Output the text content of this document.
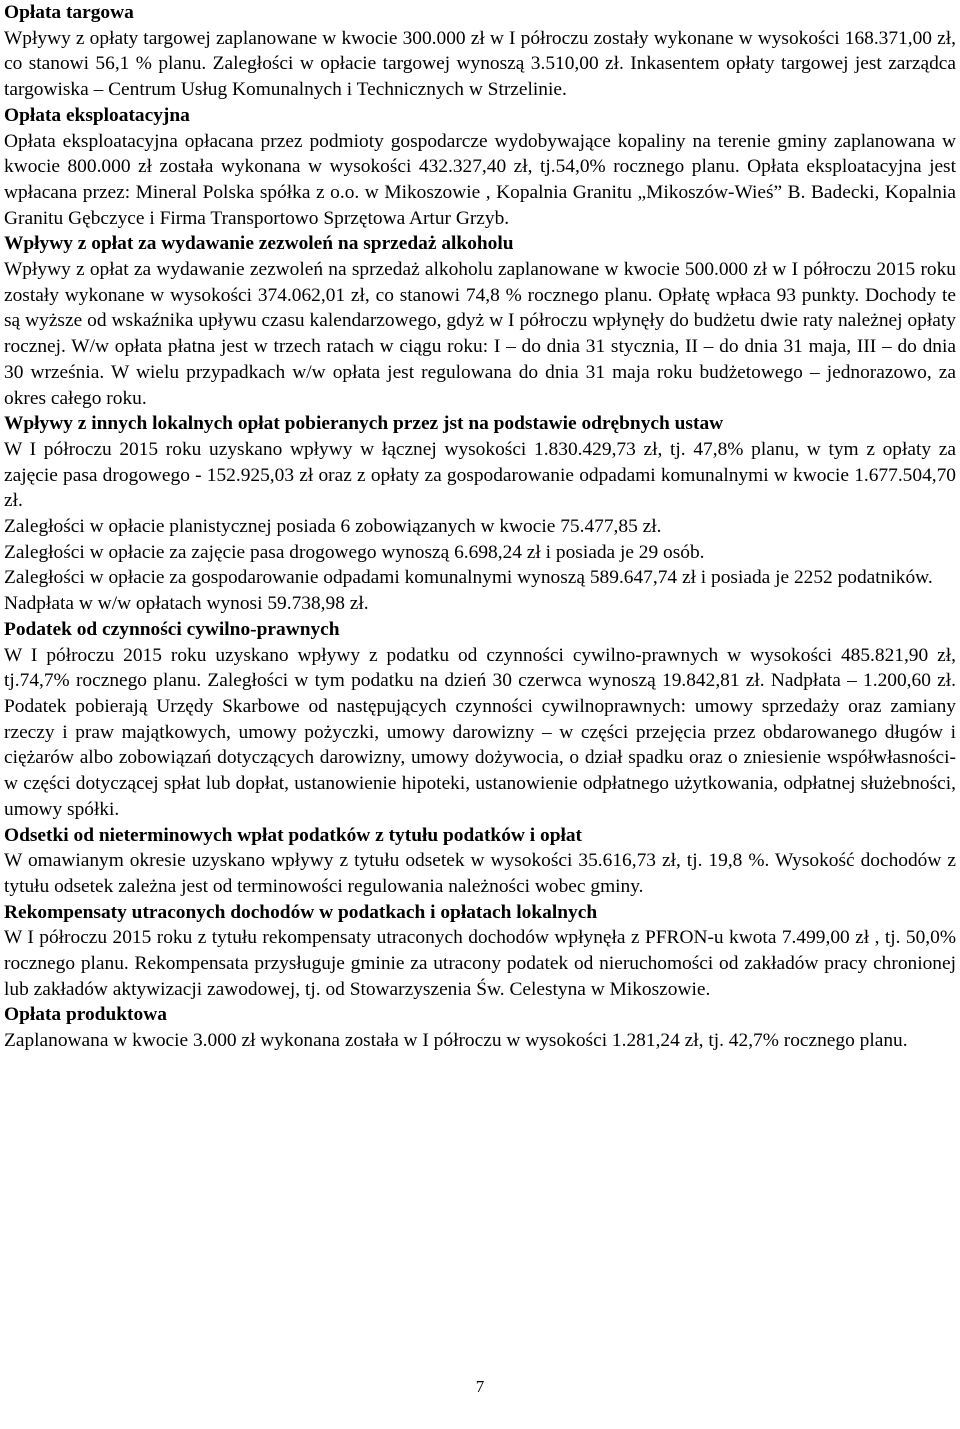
Opłata targowa

Wpływy z opłaty targowej zaplanowane w kwocie 300.000 zł w I półroczu zostały wykonane w wysokości 168.371,00 zł, co stanowi 56,1 % planu. Zaległości w opłacie targowej wynoszą 3.510,00 zł. Inkasentem opłaty targowej jest zarządca targowiska – Centrum Usług Komunalnych i Technicznych w Strzelinie.

Opłata eksploatacyjna

Opłata eksploatacyjna opłacana przez podmioty gospodarcze wydobywające kopaliny na terenie gminy zaplanowana w kwocie 800.000 zł została wykonana w wysokości 432.327,40 zł, tj.54,0% rocznego planu. Opłata eksploatacyjna jest wpłacana przez: Mineral Polska spółka z o.o. w Mikoszowie , Kopalnia Granitu „Mikoszów-Wieś” B. Badecki, Kopalnia Granitu Gębczyce i Firma Transportowo Sprzętowa Artur Grzyb.

Wpływy z opłat za wydawanie zezwoleń na sprzedaż alkoholu

Wpływy z opłat za wydawanie zezwoleń na sprzedaż alkoholu zaplanowane w kwocie 500.000 zł w I półroczu 2015 roku zostały wykonane w wysokości 374.062,01 zł, co stanowi 74,8 % rocznego planu. Opłatę wpłaca 93 punkty. Dochody te są wyższe od wskaźnika upływu czasu kalendarzowego, gdyż w I półroczu wpłynęły do budżetu dwie raty należnej opłaty rocznej. W/w opłata płatna jest w trzech ratach w ciągu roku: I – do dnia 31 stycznia, II – do dnia 31 maja, III – do dnia 30 września. W wielu przypadkach w/w opłata jest regulowana do dnia 31 maja roku budżetowego – jednorazowo, za okres całego roku.

Wpływy z innych lokalnych opłat pobieranych przez jst na podstawie odrębnych ustaw

W I półroczu 2015 roku uzyskano wpływy w łącznej wysokości 1.830.429,73 zł, tj. 47,8% planu, w tym z opłaty za zajęcie pasa drogowego - 152.925,03 zł oraz z opłaty za gospodarowanie odpadami komunalnymi w kwocie 1.677.504,70 zł.

Zaległości w opłacie planistycznej posiada 6 zobowiązanych w kwocie 75.477,85 zł.

Zaległości w opłacie za zajęcie pasa drogowego wynoszą 6.698,24 zł i posiada je 29 osób.

Zaległości w opłacie za gospodarowanie odpadami komunalnymi wynoszą 589.647,74 zł i posiada je 2252 podatników.

Nadpłata w w/w opłatach wynosi 59.738,98 zł.

Podatek od czynności cywilno-prawnych

W I półroczu 2015 roku uzyskano wpływy z podatku od czynności cywilno-prawnych w wysokości 485.821,90 zł, tj.74,7% rocznego planu. Zaległości w tym podatku na dzień 30 czerwca wynoszą 19.842,81 zł. Nadpłata – 1.200,60 zł. Podatek pobierają Urzędy Skarbowe od następujących czynności cywilnoprawnych: umowy sprzedaży oraz zamiany rzeczy i praw majątkowych, umowy pożyczki, umowy darowizny – w części przejęcia przez obdarowanego długów i ciężarów albo zobowiązań dotyczących darowizny, umowy dożywocia, o dział spadku oraz o zniesienie współwłasności- w części dotyczącej spłat lub dopłat, ustanowienie hipoteki, ustanowienie odpłatnego użytkowania, odpłatnej służebności, umowy spółki.

Odsetki od nieterminowych wpłat podatków z tytułu podatków i opłat

W omawianym okresie uzyskano wpływy z tytułu odsetek w wysokości 35.616,73 zł, tj. 19,8 %. Wysokość dochodów z tytułu odsetek zależna jest od terminowości regulowania należności wobec gminy.

Rekompensaty utraconych dochodów w podatkach i opłatach lokalnych

W I półroczu 2015 roku z tytułu rekompensaty utraconych dochodów wpłynęła z PFRON-u kwota 7.499,00 zł , tj. 50,0% rocznego planu. Rekompensata przysługuje gminie za utracony podatek od nieruchomości od zakładów pracy chronionej lub zakładów aktywizacji zawodowej, tj. od Stowarzyszenia Św. Celestyna w Mikoszowie.

Opłata produktowa

Zaplanowana w kwocie 3.000 zł wykonana została w I półroczu w wysokości 1.281,24 zł, tj. 42,7% rocznego planu.

7
